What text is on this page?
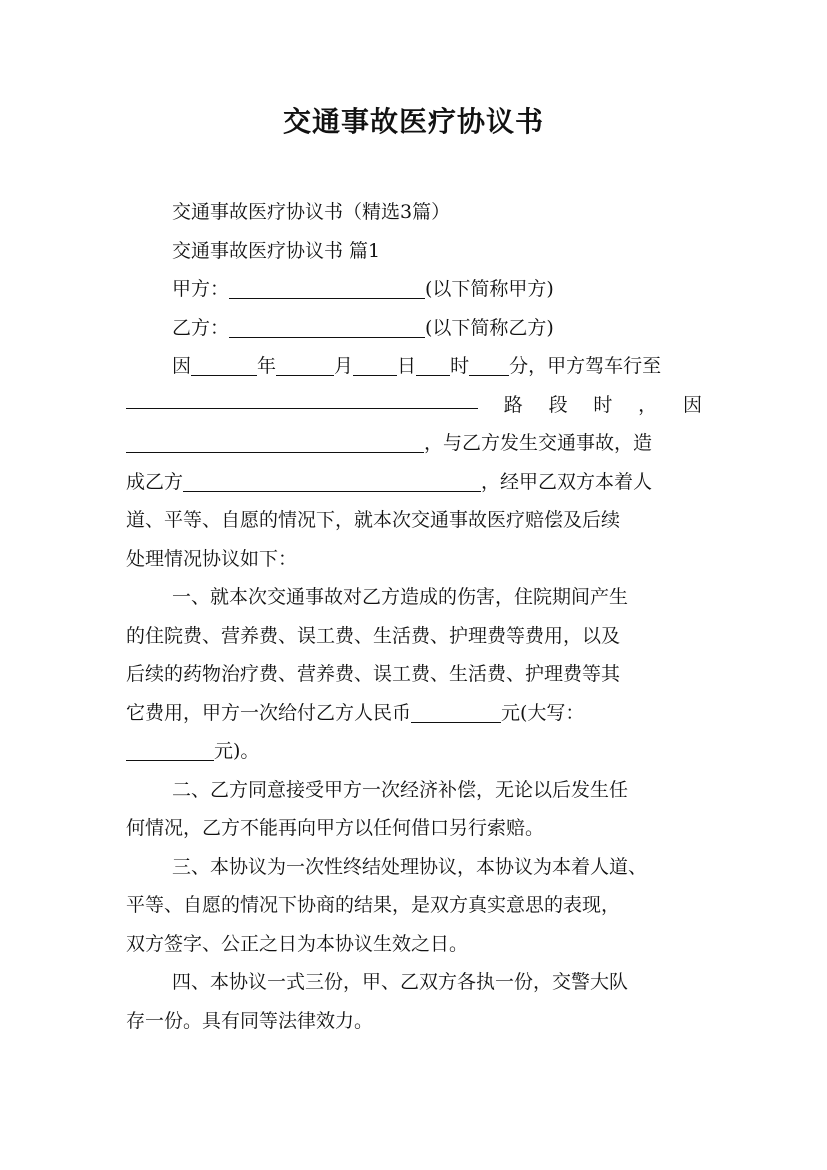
交通事故医疗协议书
交通事故医疗协议书（精选3篇）
交通事故医疗协议书 篇1
甲方：	(以下简称甲方)
乙方：	(以下简称乙方)
因	年	月 日 时 分，甲方驾车行至
路 段 时 ， 因
，与乙方发生交通事故，造
成乙方	，经甲乙双方本着人
道、平等、自愿的情况下，就本次交通事故医疗赔偿及后续
处理情况协议如下：
一、就本次交通事故对乙方造成的伤害，住院期间产生
的住院费、营养费、误工费、生活费、护理费等费用，以及
后续的药物治疗费、营养费、误工费、生活费、护理费等其
它费用，甲方一次给付乙方人民币	元(大写：
元)。
二、乙方同意接受甲方一次经济补偿，无论以后发生任
何情况，乙方不能再向甲方以任何借口另行索赔。
三、本协议为一次性终结处理协议，本协议为本着人道、
平等、自愿的情况下协商的结果，是双方真实意思的表现，
双方签字、公正之日为本协议生效之日。
四、本协议一式三份，甲、乙双方各执一份，交警大队
存一份。具有同等法律效力。
